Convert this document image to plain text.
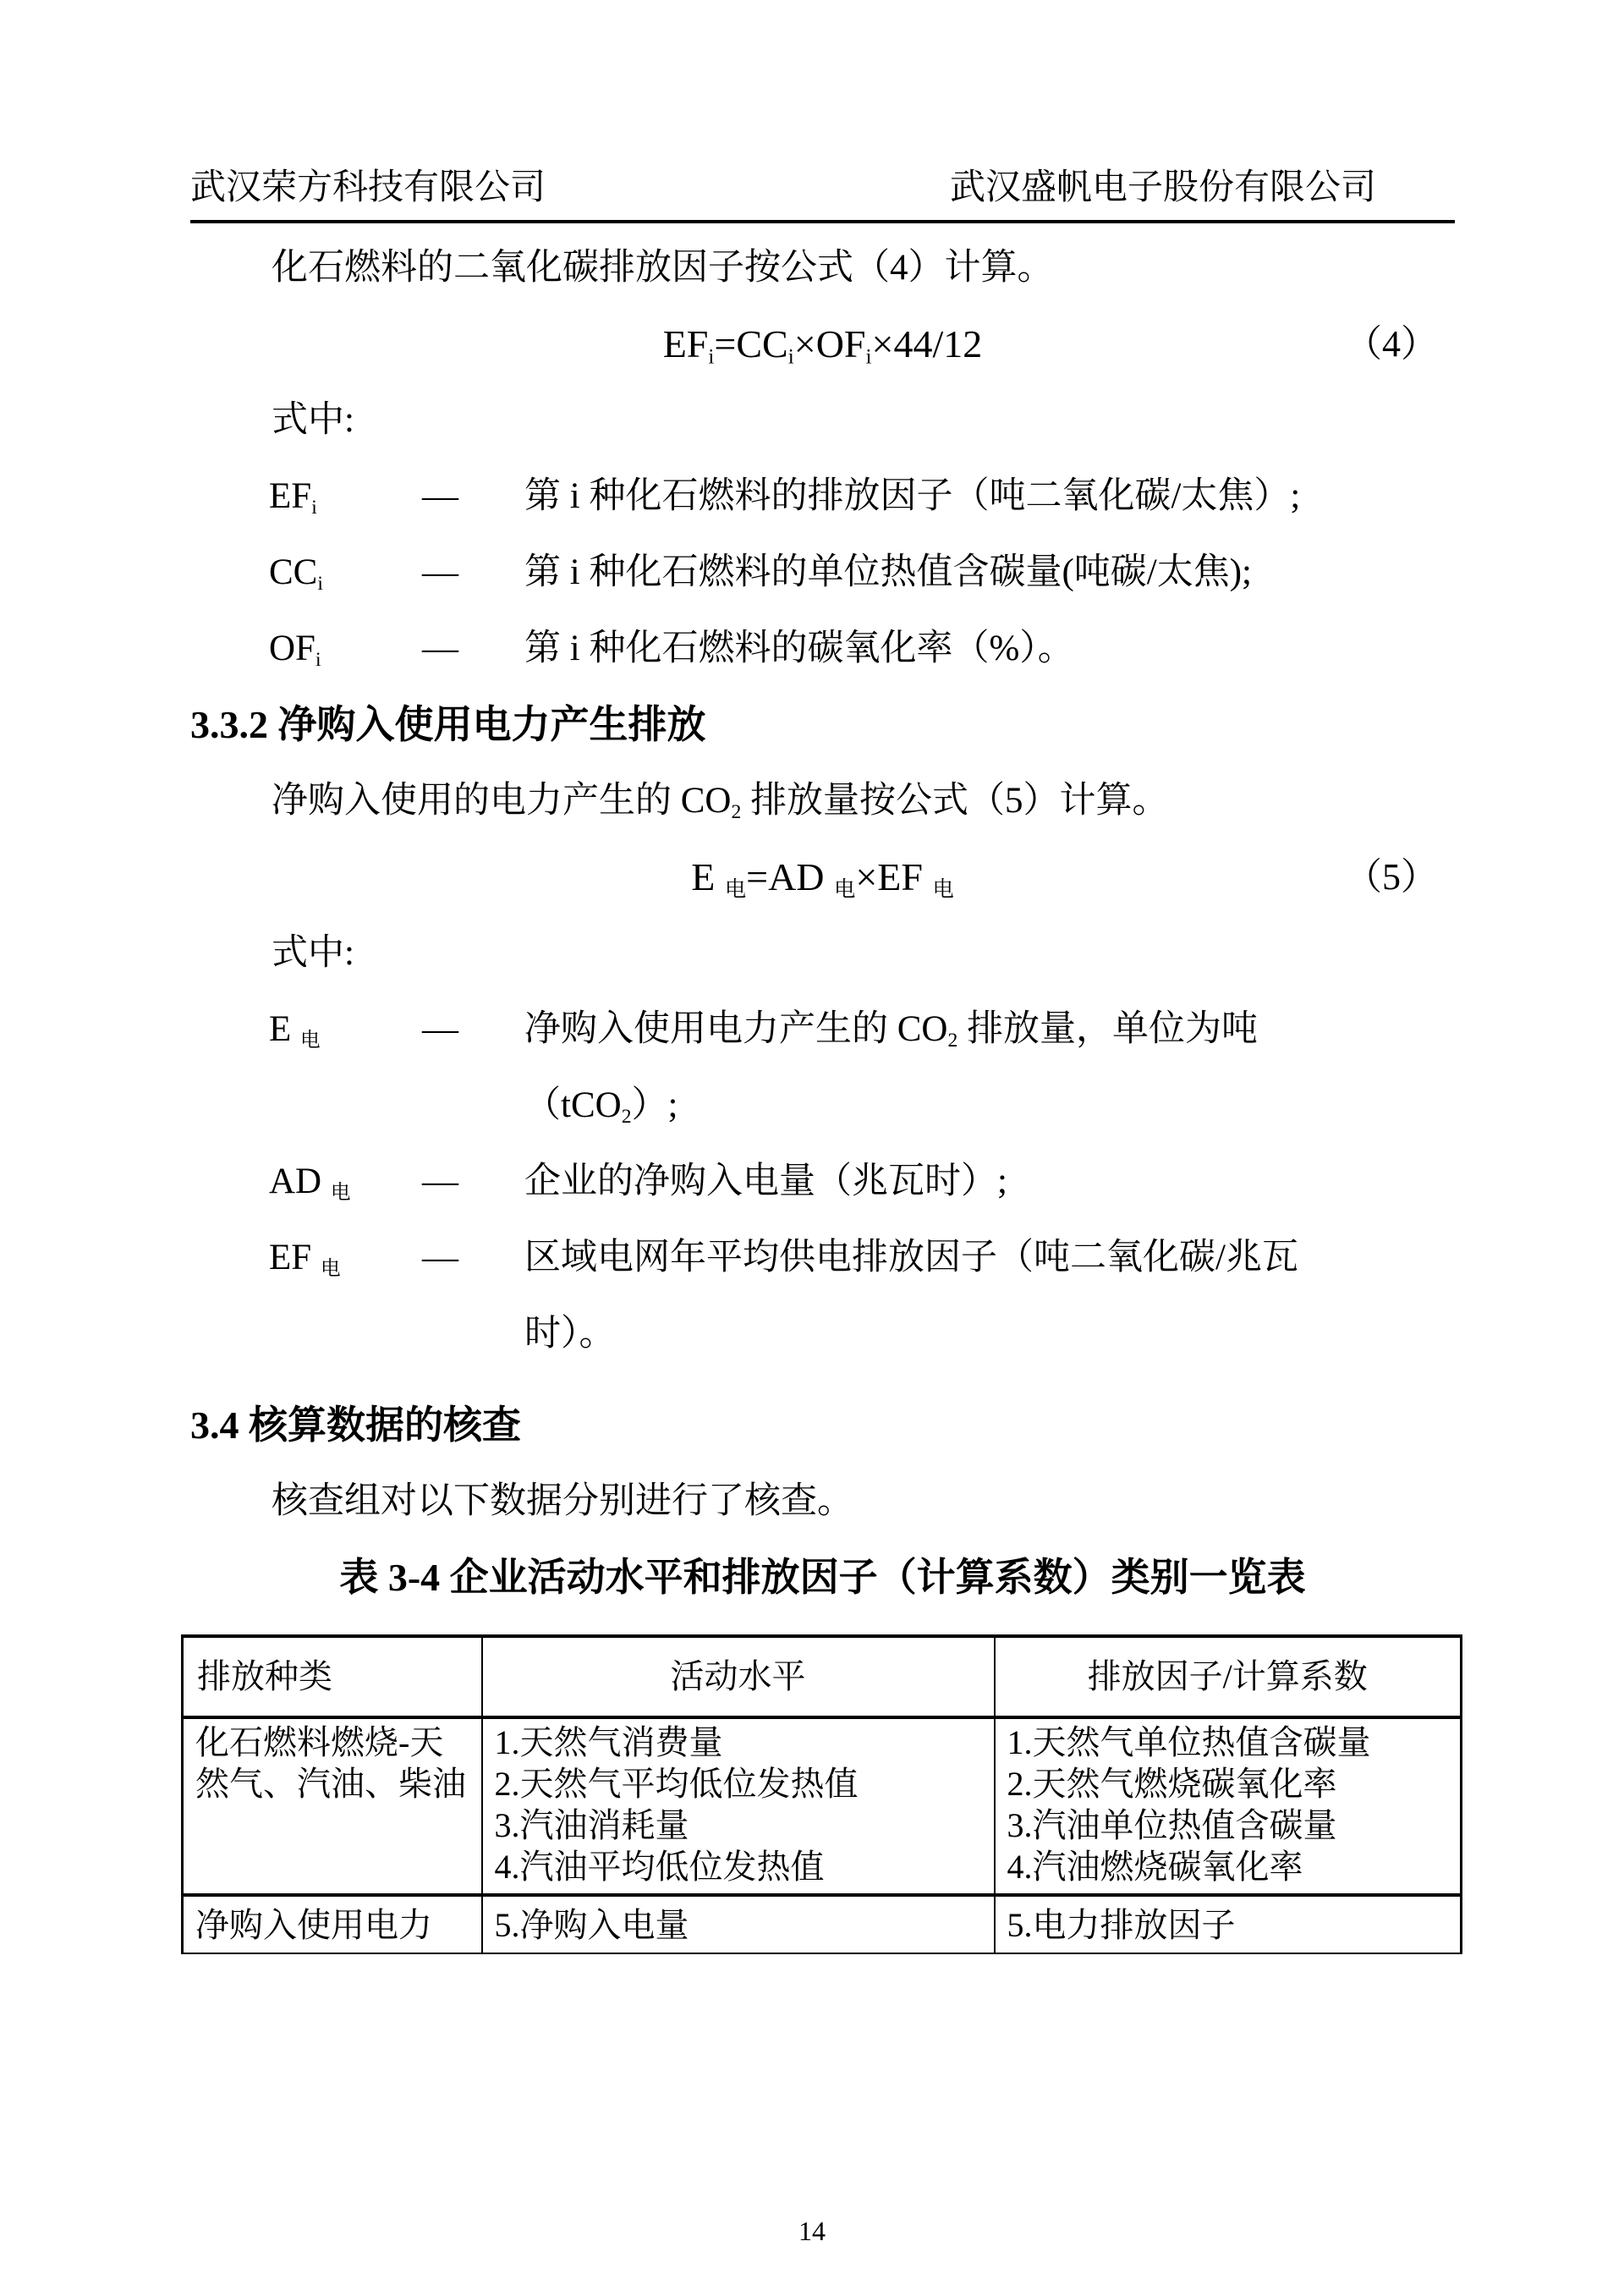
武汉荣方科技有限公司	武汉盛帆电子股份有限公司

化石燃料的二氧化碳排放因子按公式（4）计算。

$EF_i=CC_i\times OF_i\times 44/12$	（4）

式中:

$EF_i$	—	第 i 种化石燃料的排放因子（吨二氧化碳/太焦）;
$CC_i$	—	第 i 种化石燃料的单位热值含碳量(吨碳/太焦);
$OF_i$	—	第 i 种化石燃料的碳氧化率（%）。
3.3.2 净购入使用电力产生排放

净购入使用的电力产生的 $CO_2$ 排放量按公式（5）计算。

E $_电$=AD $_电$×EF $_电$	（5）

式中:

E $_电$	—	净购入使用电力产生的 $CO_2$ 排放量，单位为吨
（tCO$_2$）;
AD $_电$	—	企业的净购入电量（兆瓦时）;
EF $_电$	—	区域电网年平均供电排放因子（吨二氧化碳/兆瓦
时）。
3.4 核算数据的核查

核查组对以下数据分别进行了核查。

表 3-4 企业活动水平和排放因子（计算系数）类别一览表

排放种类	活动水平	排放因子/计算系数

化石燃料燃烧-天
然气、汽油、柴油	1.天然气消费量
2.天然气平均低位发热值
3.汽油消耗量
4.汽油平均低位发热值	1.天然气单位热值含碳量
2.天然气燃烧碳氧化率
3.汽油单位热值含碳量
4.汽油燃烧碳氧化率

净购入使用电力	5.净购入电量	5.电力排放因子
14
